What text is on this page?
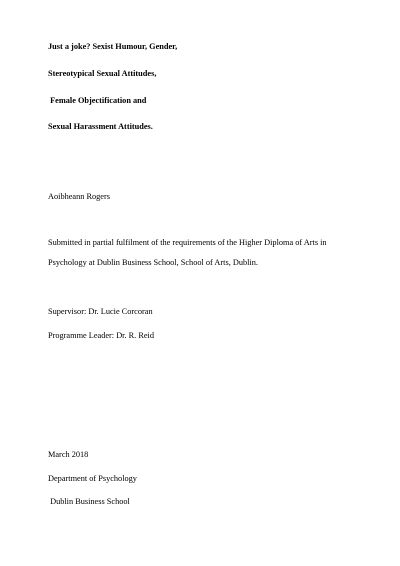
Just a joke? Sexist Humour, Gender,
Stereotypical Sexual Attitudes,
Female Objectification and
Sexual Harassment Attitudes.
Aoibheann Rogers
Submitted in partial fulfilment of the requirements of the Higher Diploma of Arts in
Psychology at Dublin Business School, School of Arts, Dublin.
Supervisor: Dr. Lucie Corcoran
Programme Leader: Dr. R. Reid
March 2018
Department of Psychology
Dublin Business School
